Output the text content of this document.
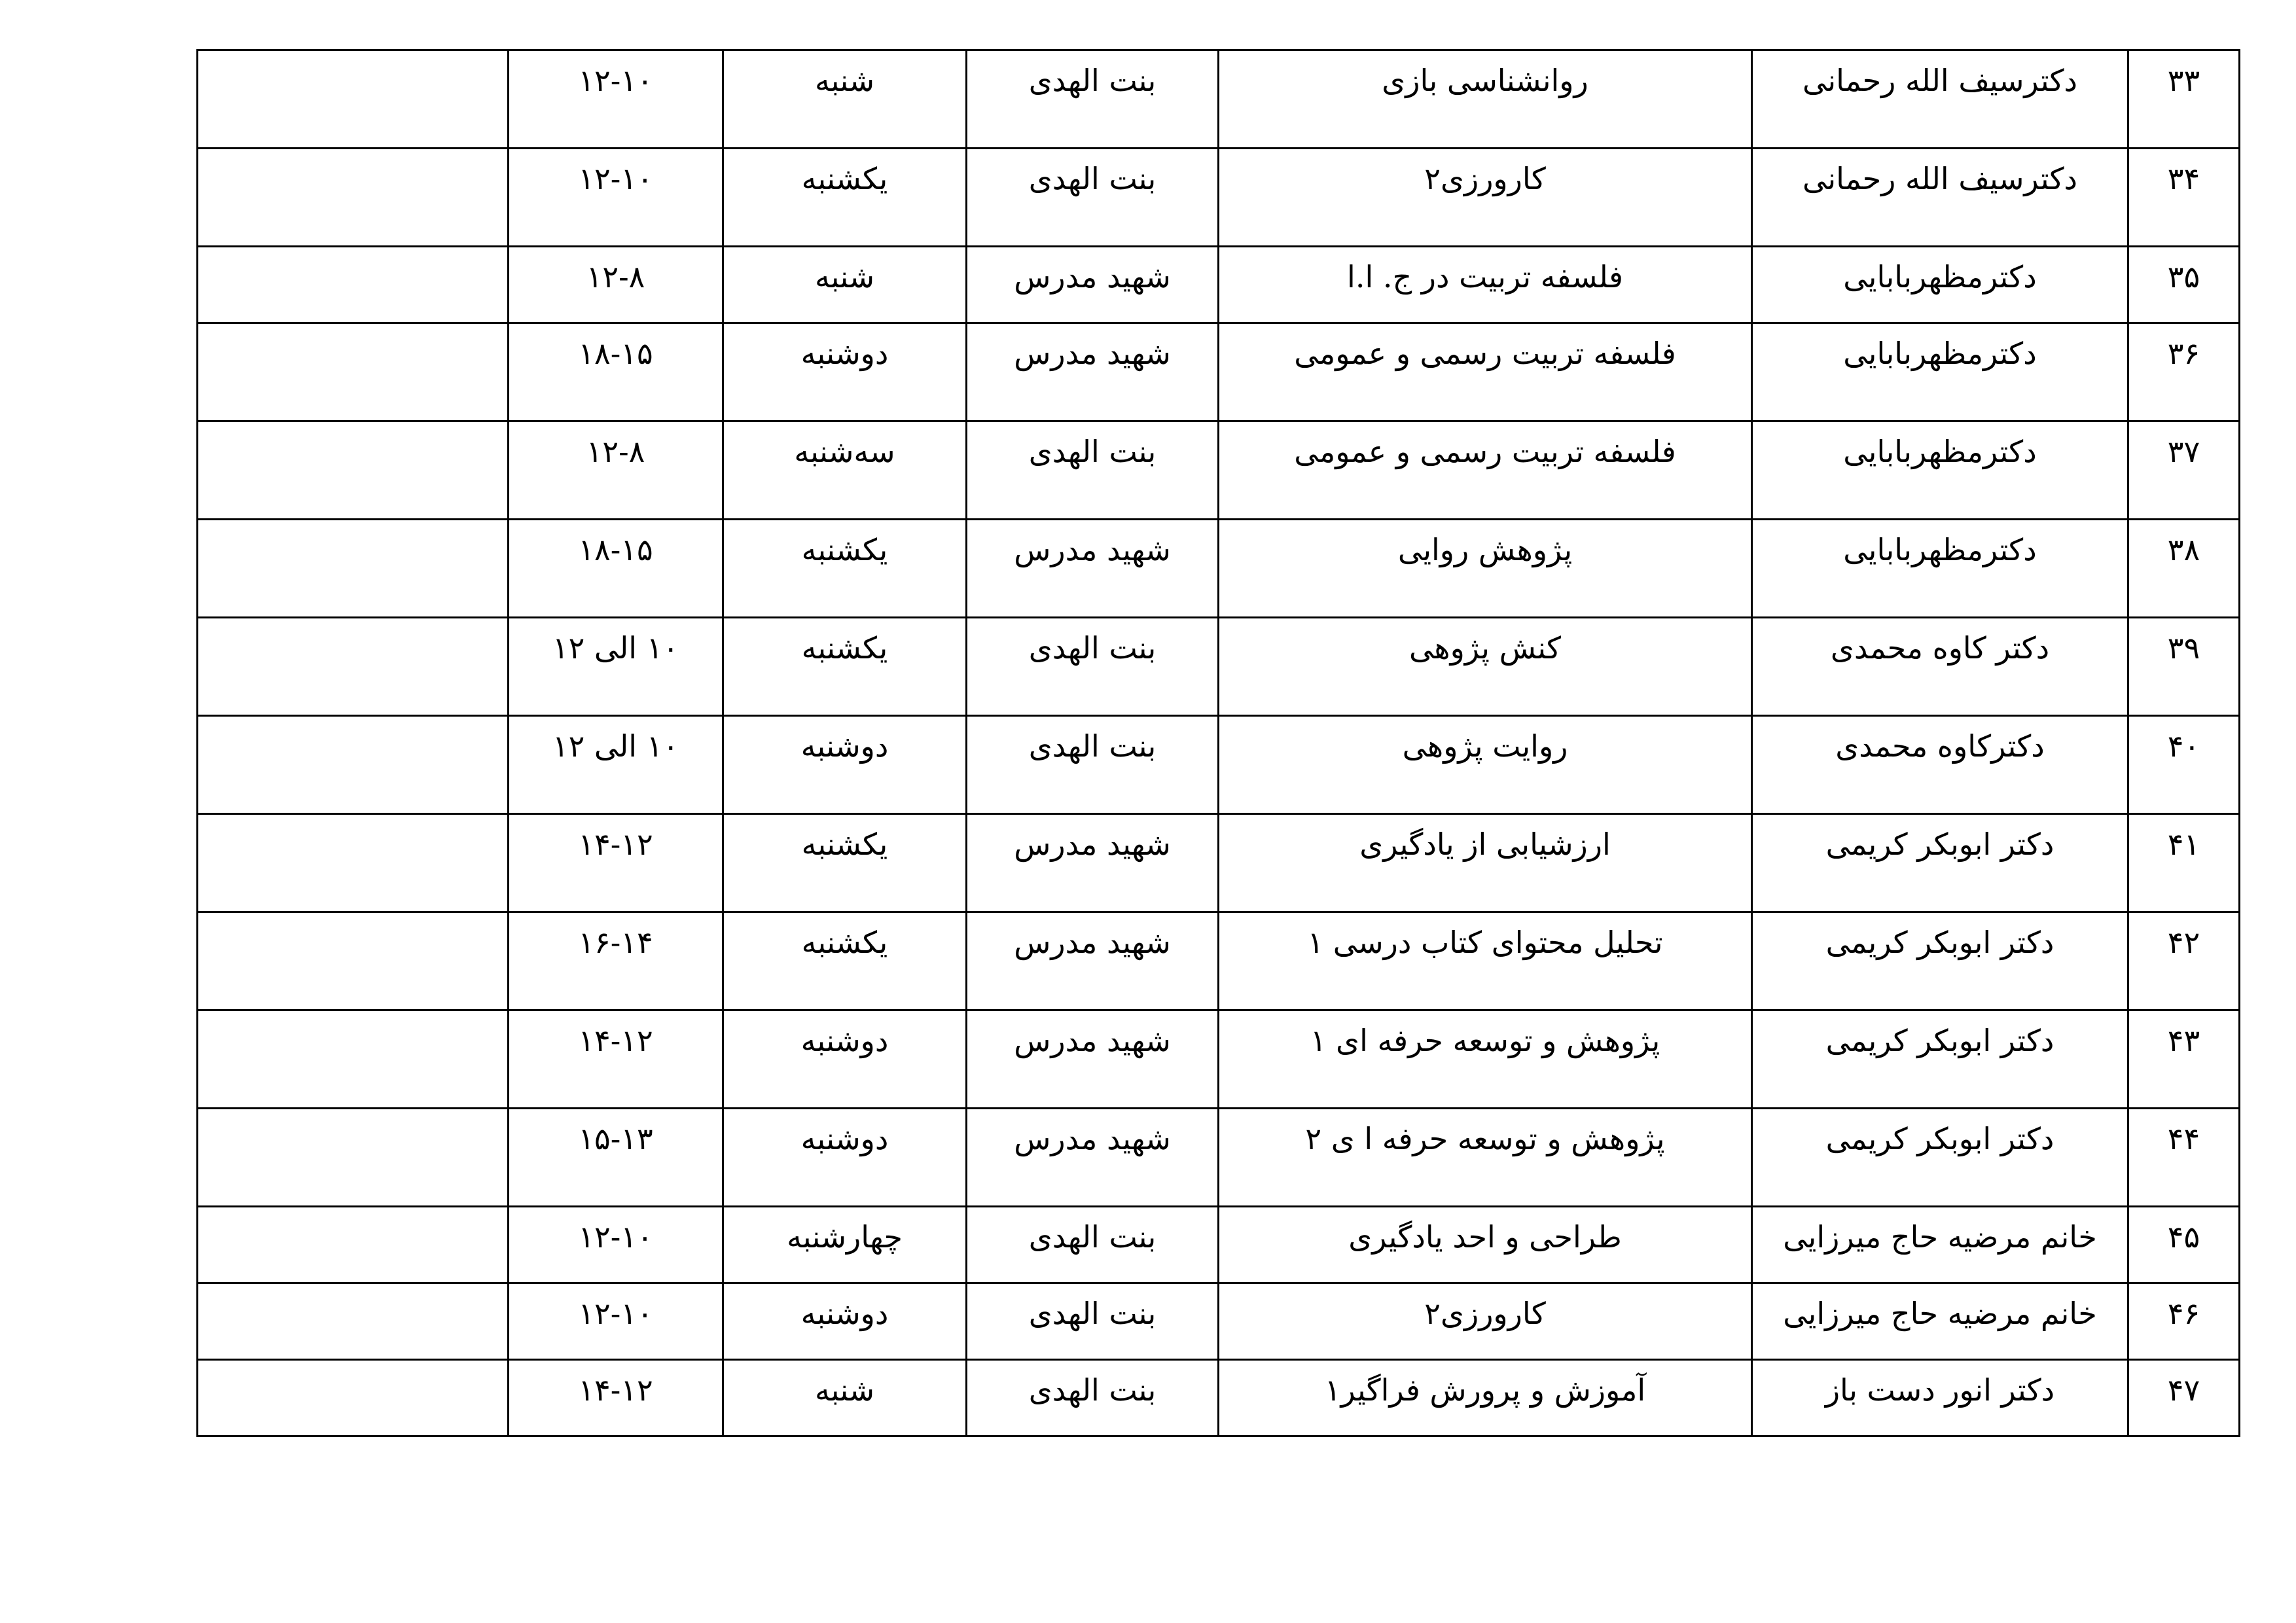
۳۳	دکترسیف الله رحمانی	روانشناسی بازی	بنت الهدی	شنبه	۱۲-۱۰	
۳۴	دکترسیف الله رحمانی	کارورزی۲	بنت الهدی	یکشنبه	۱۲-۱۰	
۳۵	دکترمظهربابایی	فلسفه تربیت در ج. ا.ا	شهید مدرس	شنبه	۱۲-۸	
۳۶	دکترمظهربابایی	فلسفه تربیت رسمی و عمومی	شهید مدرس	دوشنبه	۱۸-۱۵	
۳۷	دکترمظهربابایی	فلسفه تربیت رسمی و عمومی	بنت الهدی	سه‌شنبه	۱۲-۸	
۳۸	دکترمظهربابایی	پژوهش روایی	شهید مدرس	یکشنبه	۱۸-۱۵	
۳۹	دکتر کاوه محمدی	کنش پژوهی	بنت الهدی	یکشنبه	۱۰ الی ۱۲	
۴۰	دکترکاوه محمدی	روایت پژوهی	بنت الهدی	دوشنبه	۱۰ الی ۱۲	
۴۱	دکتر ابوبکر کریمی	ارزشیابی از یادگیری	شهید مدرس	یکشنبه	۱۴-۱۲	
۴۲	دکتر ابوبکر کریمی	تحلیل محتوای کتاب درسی ۱	شهید مدرس	یکشنبه	۱۶-۱۴	
۴۳	دکتر ابوبکر کریمی	پژوهش و توسعه حرفه ای ۱	شهید مدرس	دوشنبه	۱۴-۱۲	
۴۴	دکتر ابوبکر کریمی	پژوهش و توسعه حرفه ا ی ۲	شهید مدرس	دوشنبه	۱۵-۱۳	
۴۵	خانم مرضیه حاج میرزایی	طراحی و احد یادگیری	بنت الهدی	چهارشنبه	۱۲-۱۰	
۴۶	خانم مرضیه حاج میرزایی	کارورزی۲	بنت الهدی	دوشنبه	۱۲-۱۰	
۴۷	دکتر انور دست باز	آموزش و پرورش فراگیر۱	بنت الهدی	شنبه	۱۴-۱۲	
